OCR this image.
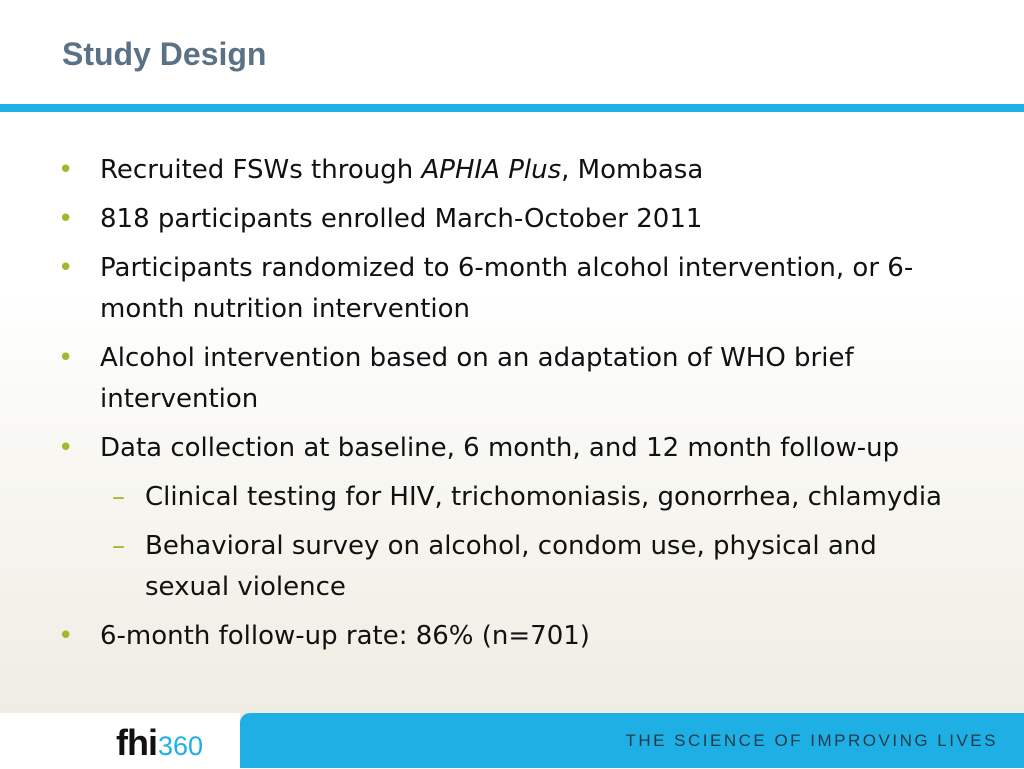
Study Design
• Recruited FSWs through APHIA Plus, Mombasa
• 818 participants enrolled March-October 2011
• Participants randomized to 6-month alcohol intervention, or 6-month nutrition intervention
• Alcohol intervention based on an adaptation of WHO brief intervention
• Data collection at baseline, 6 month, and 12 month follow-up
– Clinical testing for HIV, trichomoniasis, gonorrhea, chlamydia
– Behavioral survey on alcohol, condom use, physical and sexual violence
• 6-month follow-up rate: 86% (n=701)
fhi360	THE SCIENCE OF IMPROVING LIVES
